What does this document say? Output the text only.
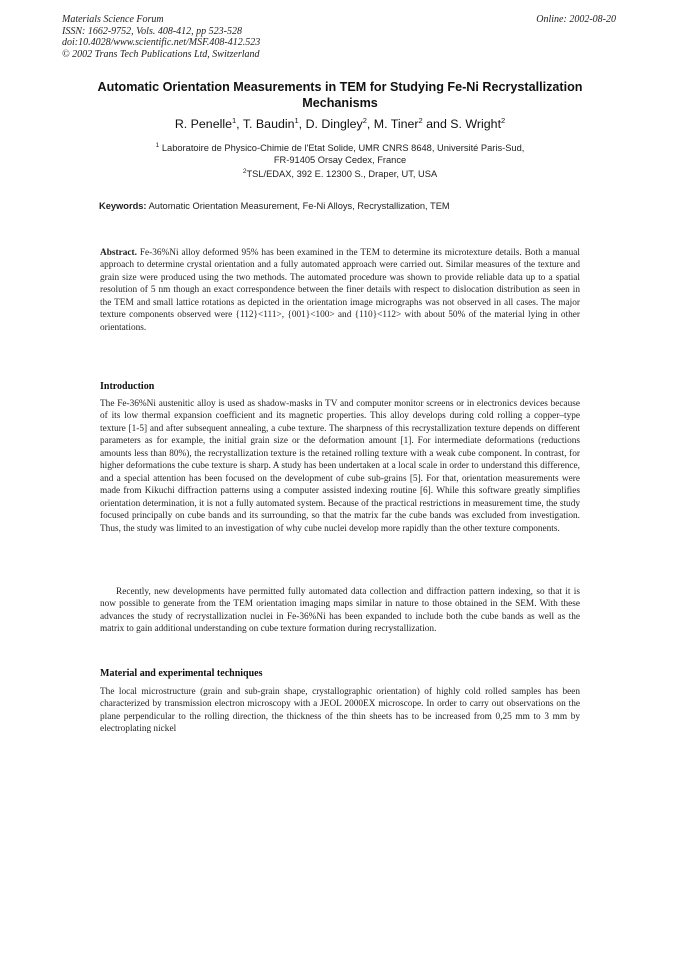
Materials Science Forum
ISSN: 1662-9752, Vols. 408-412, pp 523-528
doi:10.4028/www.scientific.net/MSF.408-412.523
© 2002 Trans Tech Publications Ltd, Switzerland
Online: 2002-08-20
Automatic Orientation Measurements in TEM for Studying Fe-Ni Recrystallization Mechanisms
R. Penelle$^1$, T. Baudin$^1$, D. Dingley$^2$, M. Tiner$^2$ and S. Wright$^2$
$^1$ Laboratoire de Physico-Chimie de l'Etat Solide, UMR CNRS 8648, Université Paris-Sud,
FR-91405 Orsay Cedex, France
$^2$TSL/EDAX, 392 E. 12300 S., Draper, UT, USA
Keywords: Automatic Orientation Measurement, Fe-Ni Alloys, Recrystallization, TEM
Abstract. Fe-36%Ni alloy deformed 95% has been examined in the TEM to determine its microtexture details. Both a manual approach to determine crystal orientation and a fully automated approach were carried out. Similar measures of the texture and grain size were produced using the two methods. The automated procedure was shown to provide reliable data up to a spatial resolution of 5 nm though an exact correspondence between the finer details with respect to dislocation distribution as seen in the TEM and small lattice rotations as depicted in the orientation image micrographs was not observed in all cases. The major texture components observed were {112}<111>, {001}<100> and {110}<112> with about 50% of the material lying in other orientations.
Introduction
The Fe-36%Ni austenitic alloy is used as shadow-masks in TV and computer monitor screens or in electronics devices because of its low thermal expansion coefficient and its magnetic properties. This alloy develops during cold rolling a copper–type texture [1-5] and after subsequent annealing, a cube texture. The sharpness of this recrystallization texture depends on different parameters as for example, the initial grain size or the deformation amount [1]. For intermediate deformations (reductions amounts less than 80%), the recrystallization texture is the retained rolling texture with a weak cube component. In contrast, for higher deformations the cube texture is sharp. A study has been undertaken at a local scale in order to understand this difference, and a special attention has been focused on the development of cube sub-grains [5]. For that, orientation measurements were made from Kikuchi diffraction patterns using a computer assisted indexing routine [6]. While this software greatly simplifies orientation determination, it is not a fully automated system. Because of the practical restrictions in measurement time, the study focused principally on cube bands and its surrounding, so that the matrix far the cube bands was excluded from investigation. Thus, the study was limited to an investigation of why cube nuclei develop more rapidly than the other texture components.
Recently, new developments have permitted fully automated data collection and diffraction pattern indexing, so that it is now possible to generate from the TEM orientation imaging maps similar in nature to those obtained in the SEM. With these advances the study of recrystallization nuclei in Fe-36%Ni has been expanded to include both the cube bands as well as the matrix to gain additional understanding on cube texture formation during recrystallization.
Material and experimental techniques
The local microstructure (grain and sub-grain shape, crystallographic orientation) of highly cold rolled samples has been characterized by transmission electron microscopy with a JEOL 2000EX microscope. In order to carry out observations on the plane perpendicular to the rolling direction, the thickness of the thin sheets has to be increased from 0,25 mm to 3 mm by electroplating nickel
